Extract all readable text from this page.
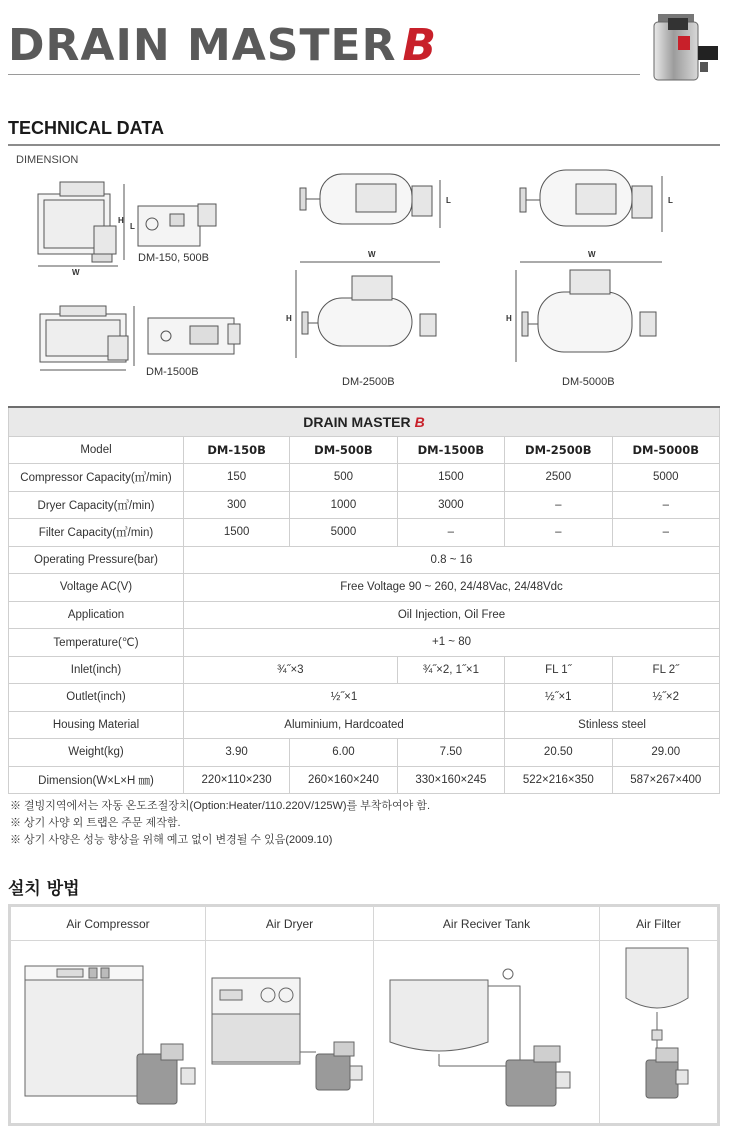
DRAIN MASTER B
TECHNICAL DATA
DIMENSION
W
H
L
W
L
H
W
L
H
DM-150, 500B
DM-1500B
DM-2500B	DM-5000B
DRAIN MASTER B					
Model	DM-150B	DM-500B	DM-1500B	DM-2500B	DM-5000B
Compressor Capacity(㎥/min)	150	500	1500	2500	5000
Dryer Capacity(㎥/min)	300	1000	3000	–	–
Filter Capacity(㎥/min)	1500	5000	–	–	–
Operating Pressure(bar)	0.8 ~ 16				
Voltage AC(V)	Free Voltage 90 ~ 260, 24/48Vac, 24/48Vdc				
Application	Oil Injection, Oil Free				
Temperature(℃)	+1 ~ 80				
Inlet(inch)	¾˝×3		¾˝×2, 1˝×1	FL 1˝	FL 2˝
Outlet(inch)	½˝×1			½˝×1	½˝×2
Housing Material	Aluminium, Hardcoated			Stinless steel	
Weight(kg)	3.90	6.00	7.50	20.50	29.00
Dimension(W×L×H ㎜)	220×110×230	260×160×240	330×160×245	522×216×350	587×267×400
※ 결빙지역에서는 자동 온도조절장치(Option:Heater/110.220V/125W)를 부착하여야 함.
※ 상기 사양 외 트랩은 주문 제작함.
※ 상기 사양은 성능 향상을 위해 예고 없이 변경될 수 있음(2009.10)
설치 방법
Air Compressor	Air Dryer	Air Reciver Tank	Air Filter
